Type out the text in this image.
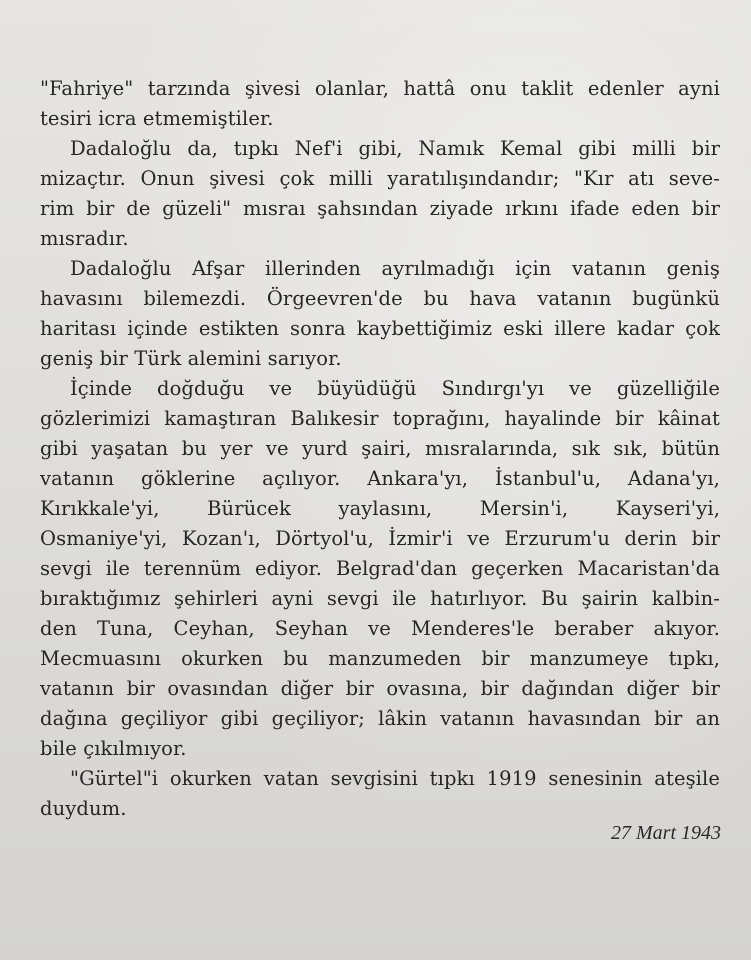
"Fahriye" tarzında şivesi olanlar, hattâ onu taklit edenler ayni
tesiri icra etmemiştiler.
Dadaloğlu da, tıpkı Nef'i gibi, Namık Kemal gibi milli bir
mizaçtır. Onun şivesi çok milli yaratılışındandır; "Kır atı seve-
rim bir de güzeli" mısraı şahsından ziyade ırkını ifade eden bir
mısradır.
Dadaloğlu Afşar illerinden ayrılmadığı için vatanın geniş
havasını bilemezdi. Örgeevren'de bu hava vatanın bugünkü
haritası içinde estikten sonra kaybettiğimiz eski illere kadar çok
geniş bir Türk alemini sarıyor.
İçinde doğduğu ve büyüdüğü Sındırgı'yı ve güzelliğile
gözlerimizi kamaştıran Balıkesir toprağını, hayalinde bir kâinat
gibi yaşatan bu yer ve yurd şairi, mısralarında, sık sık, bütün
vatanın göklerine açılıyor. Ankara'yı, İstanbul'u, Adana'yı,
Kırıkkale'yi, Bürücek yaylasını, Mersin'i, Kayseri'yi,
Osmaniye'yi, Kozan'ı, Dörtyol'u, İzmir'i ve Erzurum'u derin bir
sevgi ile terennüm ediyor. Belgrad'dan geçerken Macaristan'da
bıraktığımız şehirleri ayni sevgi ile hatırlıyor. Bu şairin kalbin-
den Tuna, Ceyhan, Seyhan ve Menderes'le beraber akıyor.
Mecmuasını okurken bu manzumeden bir manzumeye tıpkı,
vatanın bir ovasından diğer bir ovasına, bir dağından diğer bir
dağına geçiliyor gibi geçiliyor; lâkin vatanın havasından bir an
bile çıkılmıyor.
"Gürtel"i okurken vatan sevgisini tıpkı 1919 senesinin ateşile
duydum.
27 Mart 1943
